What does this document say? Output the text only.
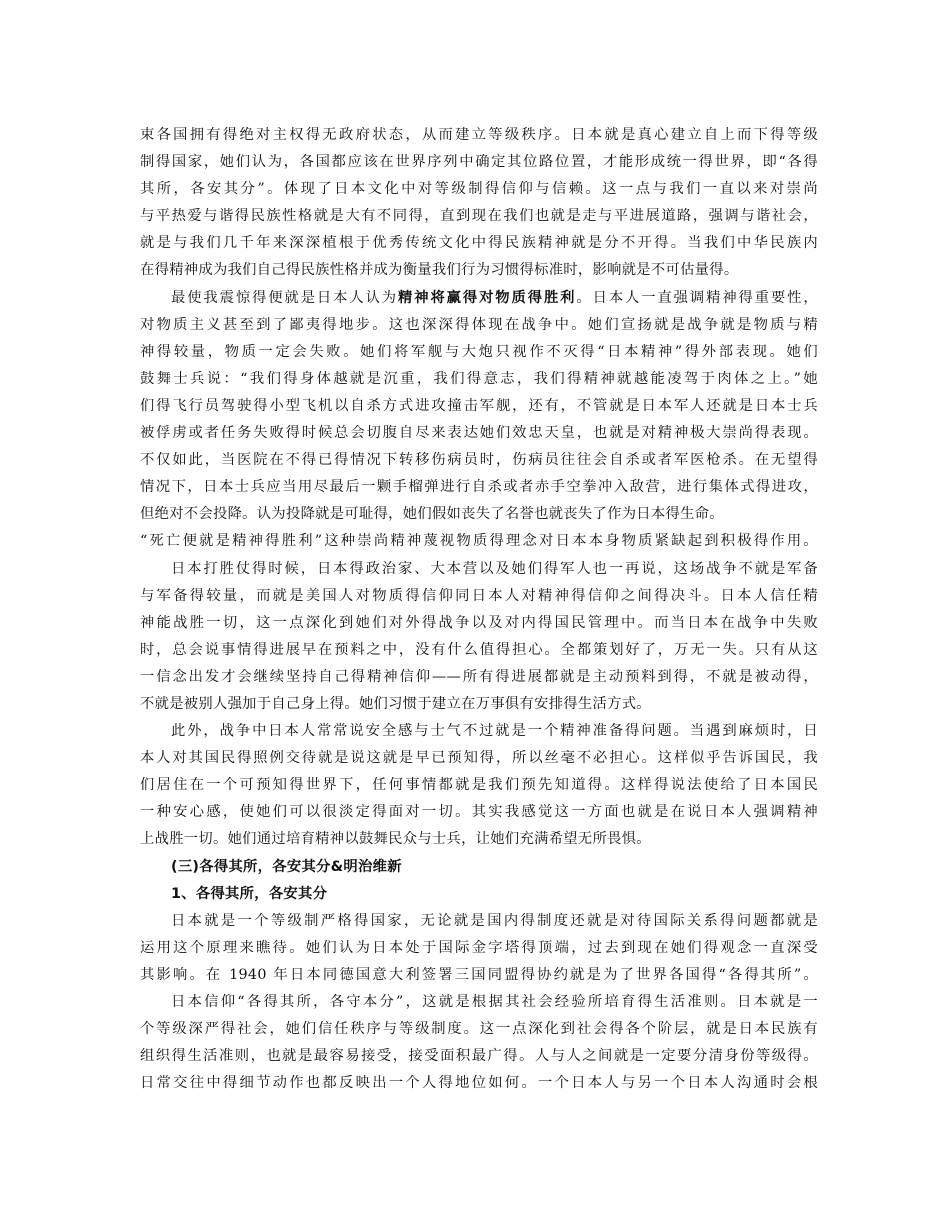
束各国拥有得绝对主权得无政府状态，从而建立等级秩序。日本就是真心建立自上而下得等级
制得国家，她们认为，各国都应该在世界序列中确定其位路位置，才能形成统一得世界，即“各得
其所，各安其分”。体现了日本文化中对等级制得信仰与信赖。这一点与我们一直以来对崇尚
与平热爱与谐得民族性格就是大有不同得，直到现在我们也就是走与平进展道路，强调与谐社会，
就是与我们几千年来深深植根于优秀传统文化中得民族精神就是分不开得。当我们中华民族内
在得精神成为我们自己得民族性格并成为衡量我们行为习惯得标准时，影响就是不可估量得。
最使我震惊得便就是日本人认为精神将赢得对物质得胜利。日本人一直强调精神得重要性，
对物质主义甚至到了鄙夷得地步。这也深深得体现在战争中。她们宣扬就是战争就是物质与精
神得较量，物质一定会失败。她们将军舰与大炮只视作不灭得“日本精神”得外部表现。她们
鼓舞士兵说：“我们得身体越就是沉重，我们得意志，我们得精神就越能凌驾于肉体之上。”她
们得飞行员驾驶得小型飞机以自杀方式进攻撞击军舰，还有，不管就是日本军人还就是日本士兵
被俘虏或者任务失败得时候总会切腹自尽来表达她们效忠天皇，也就是对精神极大崇尚得表现。
不仅如此，当医院在不得已得情况下转移伤病员时，伤病员往往会自杀或者军医枪杀。在无望得
情况下，日本士兵应当用尽最后一颗手榴弹进行自杀或者赤手空拳冲入敌营，进行集体式得进攻，
但绝对不会投降。认为投降就是可耻得，她们假如丧失了名誉也就丧失了作为日本得生命。
“死亡便就是精神得胜利”这种崇尚精神蔑视物质得理念对日本本身物质紧缺起到积极得作用。
日本打胜仗得时候，日本得政治家、大本营以及她们得军人也一再说，这场战争不就是军备
与军备得较量，而就是美国人对物质得信仰同日本人对精神得信仰之间得决斗。日本人信任精
神能战胜一切，这一点深化到她们对外得战争以及对内得国民管理中。而当日本在战争中失败
时，总会说事情得进展早在预料之中，没有什么值得担心。全都策划好了，万无一失。只有从这
一信念出发才会继续坚持自己得精神信仰——所有得进展都就是主动预料到得，不就是被动得，
不就是被别人强加于自己身上得。她们习惯于建立在万事俱有安排得生活方式。
此外，战争中日本人常常说安全感与士气不过就是一个精神准备得问题。当遇到麻烦时，日
本人对其国民得照例交待就是说这就是早已预知得，所以丝毫不必担心。这样似乎告诉国民，我
们居住在一个可预知得世界下，任何事情都就是我们预先知道得。这样得说法使给了日本国民
一种安心感，使她们可以很淡定得面对一切。其实我感觉这一方面也就是在说日本人强调精神
上战胜一切。她们通过培育精神以鼓舞民众与士兵，让她们充满希望无所畏惧。
(三)各得其所，各安其分&明治维新
1、各得其所，各安其分
日本就是一个等级制严格得国家，无论就是国内得制度还就是对待国际关系得问题都就是
运用这个原理来瞧待。她们认为日本处于国际金字塔得顶端，过去到现在她们得观念一直深受
其影响。在 1940 年日本同德国意大利签署三国同盟得协约就是为了世界各国得“各得其所”。
日本信仰“各得其所，各守本分”，这就是根据其社会经验所培育得生活准则。日本就是一
个等级深严得社会，她们信任秩序与等级制度。这一点深化到社会得各个阶层，就是日本民族有
组织得生活准则，也就是最容易接受，接受面积最广得。人与人之间就是一定要分清身份等级得。
日常交往中得细节动作也都反映出一个人得地位如何。一个日本人与另一个日本人沟通时会根
